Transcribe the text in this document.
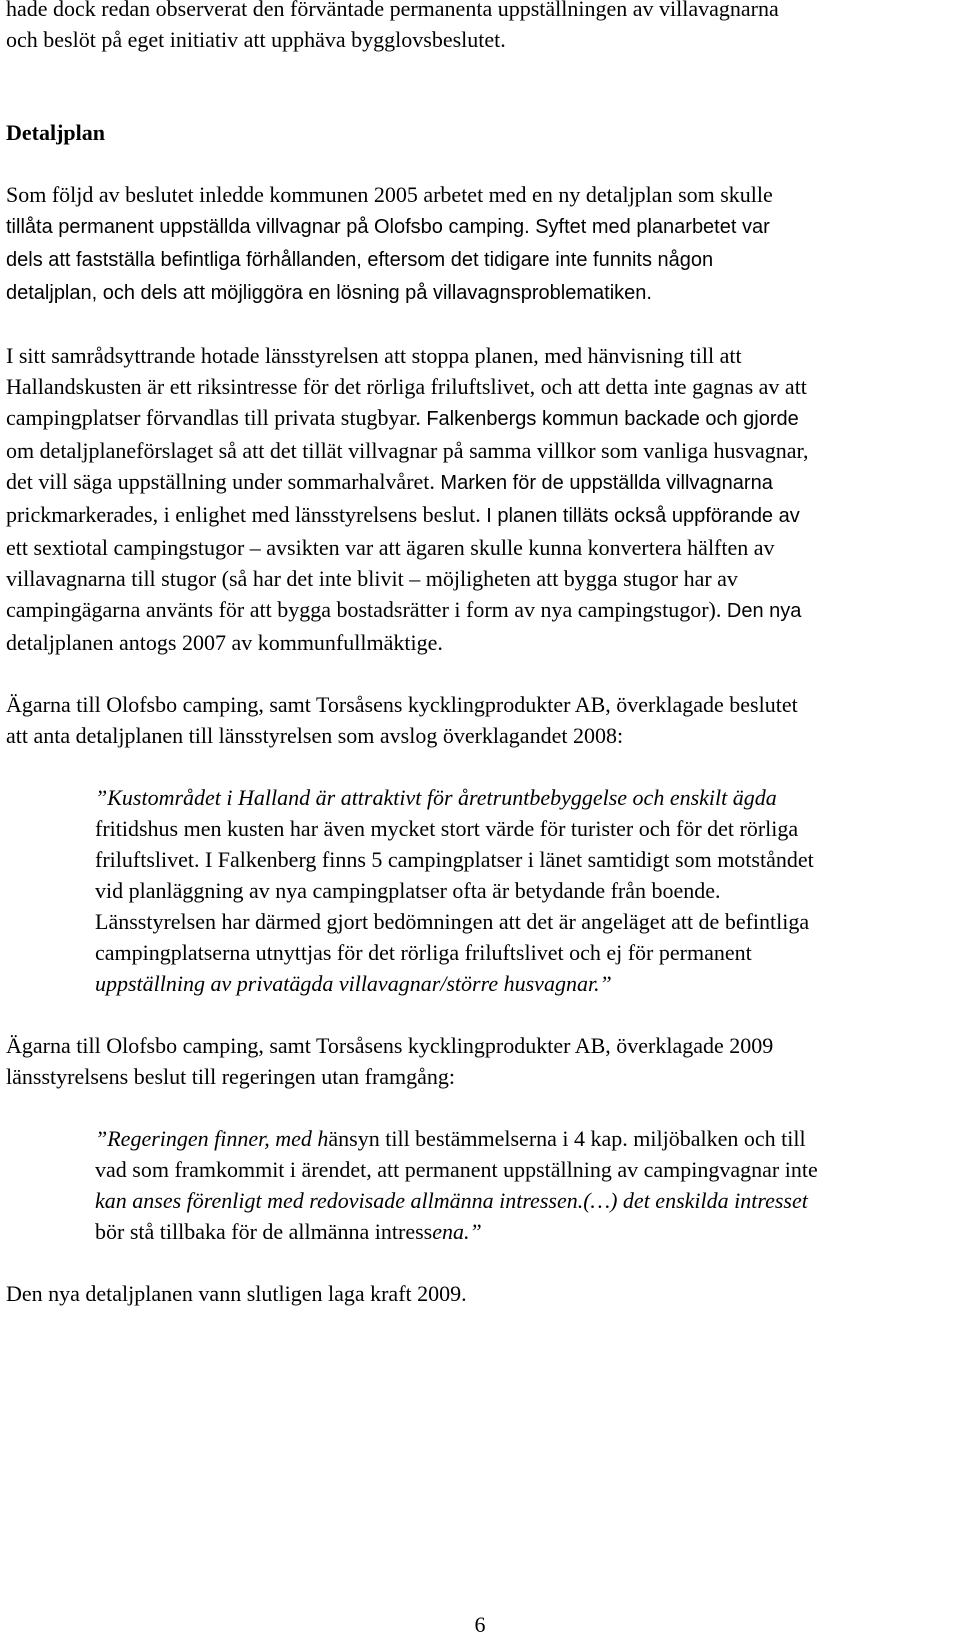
hade dock redan observerat den förväntade permanenta uppställningen av villavagnarna
och beslöt på eget initiativ att upphäva bygglovsbeslutet.

Detaljplan

Som följd av beslutet inledde kommunen 2005 arbetet med en ny detaljplan som skulle
tillåta permanent uppställda villvagnar på Olofsbo camping. Syftet med planarbetet var
dels att fastställa befintliga förhållanden, eftersom det tidigare inte funnits någon
detaljplan, och dels att möjliggöra en lösning på villavagnsproblematiken.

I sitt samrådsyttrande hotade länsstyrelsen att stoppa planen, med hänvisning till att
Hallandskusten är ett riksintresse för det rörliga friluftslivet, och att detta inte gagnas av att
campingplatser förvandlas till privata stugbyar. Falkenbergs kommun backade och gjorde
om detaljplaneförslaget så att det tillät villvagnar på samma villkor som vanliga husvagnar,
det vill säga uppställning under sommarhalvåret. Marken för de uppställda villvagnarna
prickmarkerades, i enlighet med länsstyrelsens beslut. I planen tilläts också uppförande av
ett sextiotal campingstugor – avsikten var att ägaren skulle kunna konvertera hälften av
villavagnarna till stugor (så har det inte blivit – möjligheten att bygga stugor har av
campingägarna använts för att bygga bostadsrätter i form av nya campingstugor). Den nya
detaljplanen antogs 2007 av kommunfullmäktige.

Ägarna till Olofsbo camping, samt Torsåsens kycklingprodukter AB, överklagade beslutet
att anta detaljplanen till länsstyrelsen som avslog överklagandet 2008:

”Kustområdet i Halland är attraktivt för åretruntbebyggelse och enskilt ägda
fritidshus men kusten har även mycket stort värde för turister och för det rörliga
friluftslivet. I Falkenberg finns 5 campingplatser i länet samtidigt som motståndet
vid planläggning av nya campingplatser ofta är betydande från boende.
Länsstyrelsen har därmed gjort bedömningen att det är angeläget att de befintliga
campingplatserna utnyttjas för det rörliga friluftslivet och ej för permanent
uppställning av privatägda villavagnar/större husvagnar.”

Ägarna till Olofsbo camping, samt Torsåsens kycklingprodukter AB, överklagade 2009
länsstyrelsens beslut till regeringen utan framgång:

”Regeringen finner, med hänsyn till bestämmelserna i 4 kap. miljöbalken och till
vad som framkommit i ärendet, att permanent uppställning av campingvagnar inte
kan anses förenligt med redovisade allmänna intressen.(…) det enskilda intresset
bör stå tillbaka för de allmänna intressena.”

Den nya detaljplanen vann slutligen laga kraft 2009.

6
